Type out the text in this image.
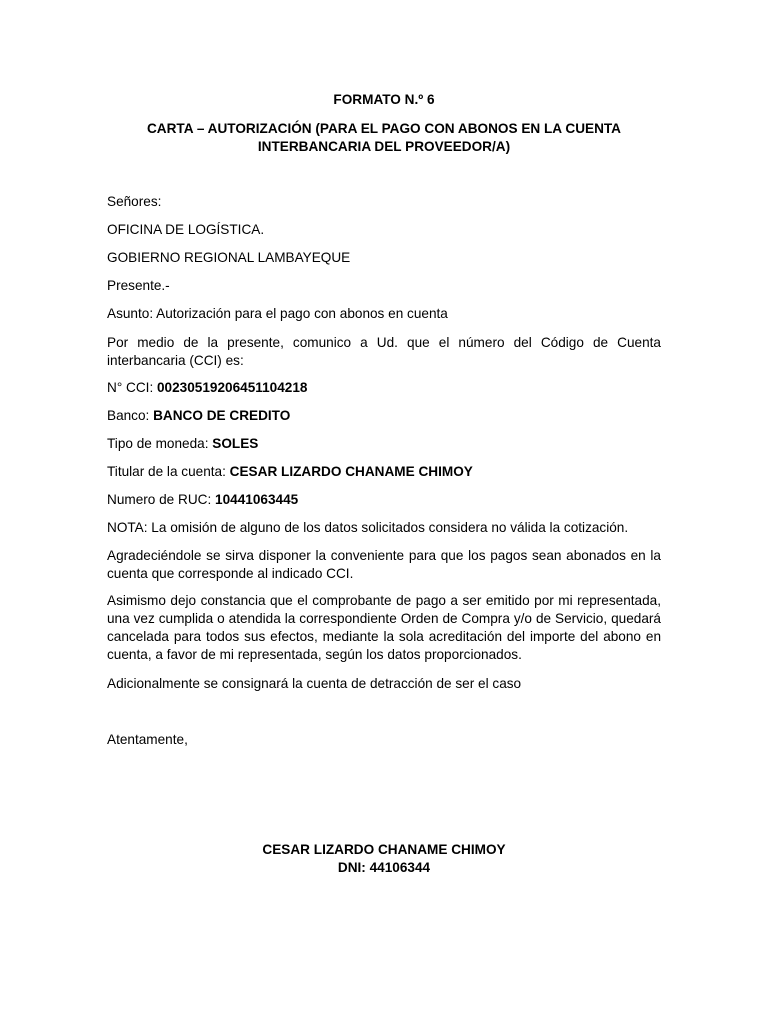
FORMATO N.º 6
CARTA – AUTORIZACIÓN (PARA EL PAGO CON ABONOS EN LA CUENTA
INTERBANCARIA DEL PROVEEDOR/A)
Señores:
OFICINA DE LOGÍSTICA.
GOBIERNO REGIONAL LAMBAYEQUE
Presente.-
Asunto: Autorización para el pago con abonos en cuenta
Por medio de la presente, comunico a Ud. que el número del Código de Cuenta interbancaria (CCI) es:
N° CCI: 00230519206451104218
Banco: BANCO DE CREDITO
Tipo de moneda: SOLES
Titular de la cuenta: CESAR LIZARDO CHANAME CHIMOY
Numero de RUC: 10441063445
NOTA: La omisión de alguno de los datos solicitados considera no válida la cotización.
Agradeciéndole se sirva disponer la conveniente para que los pagos sean abonados en la cuenta que corresponde al indicado CCI.
Asimismo dejo constancia que el comprobante de pago a ser emitido por mi representada, una vez cumplida o atendida la correspondiente Orden de Compra y/o de Servicio, quedará cancelada para todos sus efectos, mediante la sola acreditación del importe del abono en cuenta, a favor de mi representada, según los datos proporcionados.
Adicionalmente se consignará la cuenta de detracción de ser el caso
Atentamente,
CESAR LIZARDO CHANAME CHIMOY
DNI: 44106344
